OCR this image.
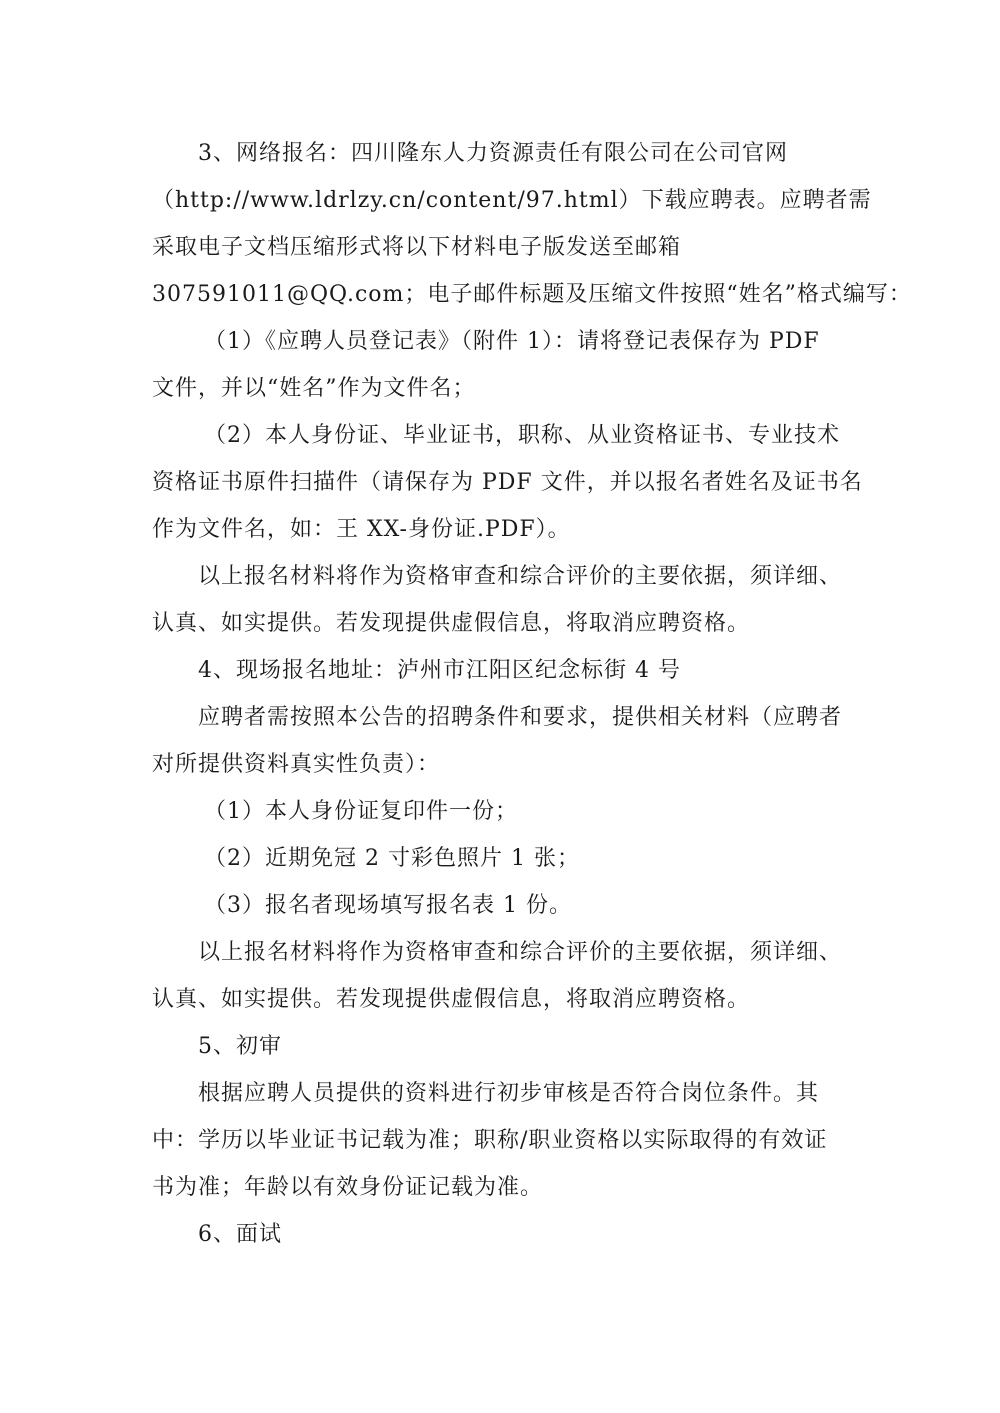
3、网络报名：四川隆东人力资源责任有限公司在公司官网
（http://www.ldrlzy.cn/content/97.html）下载应聘表。应聘者需
采取电子文档压缩形式将以下材料电子版发送至邮箱
307591011@QQ.com；电子邮件标题及压缩文件按照“姓名”格式编写：
（1）《应聘人员登记表》（附件 1）：请将登记表保存为 PDF
文件，并以“姓名”作为文件名；
（2）本人身份证、毕业证书，职称、从业资格证书、专业技术
资格证书原件扫描件（请保存为 PDF 文件，并以报名者姓名及证书名
作为文件名，如：王 XX-身份证.PDF）。
以上报名材料将作为资格审查和综合评价的主要依据，须详细、
认真、如实提供。若发现提供虚假信息，将取消应聘资格。
4、现场报名地址：泸州市江阳区纪念标街 4 号
应聘者需按照本公告的招聘条件和要求，提供相关材料（应聘者
对所提供资料真实性负责）：
（1）本人身份证复印件一份；
（2）近期免冠 2 寸彩色照片 1 张；
（3）报名者现场填写报名表 1 份。
以上报名材料将作为资格审查和综合评价的主要依据，须详细、
认真、如实提供。若发现提供虚假信息，将取消应聘资格。
5、初审
根据应聘人员提供的资料进行初步审核是否符合岗位条件。其
中：学历以毕业证书记载为准；职称/职业资格以实际取得的有效证
书为准；年龄以有效身份证记载为准。
6、面试
